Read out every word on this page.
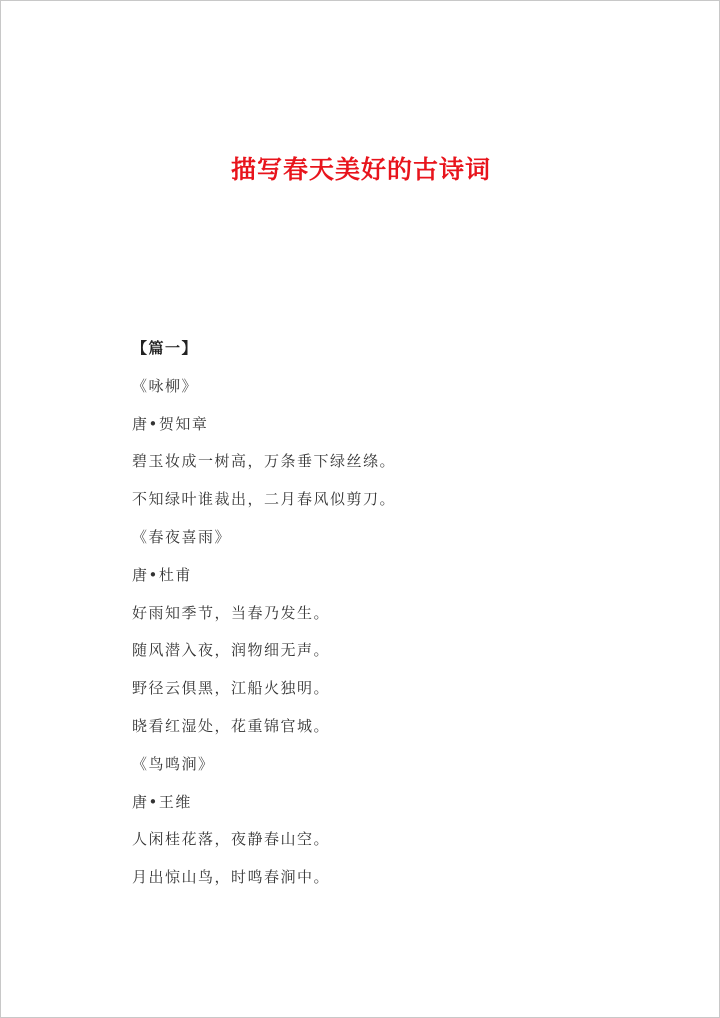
描写春天美好的古诗词
【篇一】
《咏柳》
唐•贺知章
碧玉妆成一树高，万条垂下绿丝绦。
不知绿叶谁裁出，二月春风似剪刀。
《春夜喜雨》
唐•杜甫
好雨知季节，当春乃发生。
随风潜入夜，润物细无声。
野径云俱黑，江船火独明。
晓看红湿处，花重锦官城。
《鸟鸣涧》
唐•王维
人闲桂花落，夜静春山空。
月出惊山鸟，时鸣春涧中。
